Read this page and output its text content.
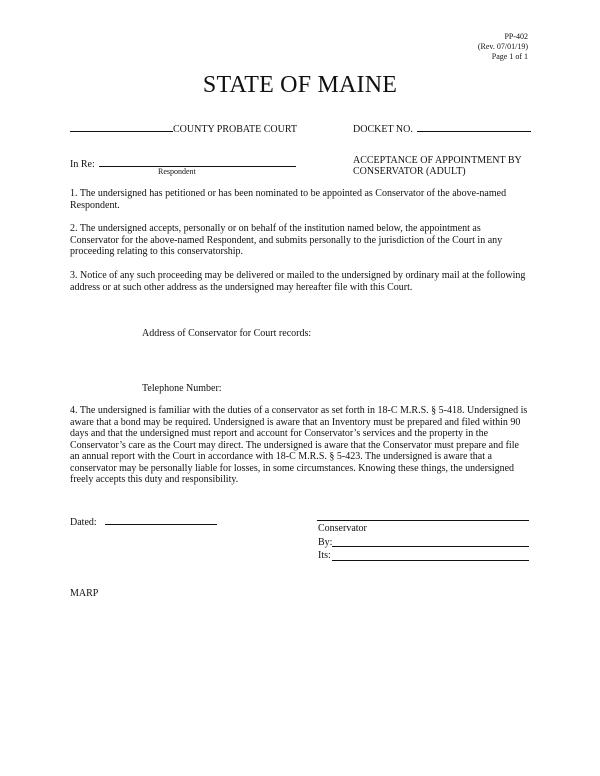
PP-402
(Rev. 07/01/19)
Page 1 of 1
STATE OF MAINE
COUNTY PROBATE COURT	DOCKET NO.
In Re:
Respondent
ACCEPTANCE OF APPOINTMENT BY
CONSERVATOR (ADULT)
1. The undersigned has petitioned or has been nominated to be appointed as Conservator of the above-named Respondent.
2. The undersigned accepts, personally or on behalf of the institution named below, the appointment as Conservator for the above-named Respondent, and submits personally to the jurisdiction of the Court in any proceeding relating to this conservatorship.
3. Notice of any such proceeding may be delivered or mailed to the undersigned by ordinary mail at the following address or at such other address as the undersigned may hereafter file with this Court.
Address of Conservator for Court records:
Telephone Number:
4. The undersigned is familiar with the duties of a conservator as set forth in 18-C M.R.S. § 5-418. Undersigned is aware that a bond may be required. Undersigned is aware that an Inventory must be prepared and filed within 90 days and that the undersigned must report and account for Conservator’s services and the property in the Conservator’s care as the Court may direct. The undersigned is aware that the Conservator must prepare and file an annual report with the Court in accordance with 18-C M.R.S. § 5-423. The undersigned is aware that a conservator may be personally liable for losses, in some circumstances. Knowing these things, the undersigned freely accepts this duty and responsibility.
Dated:
Conservator
By:
Its:
MARP
